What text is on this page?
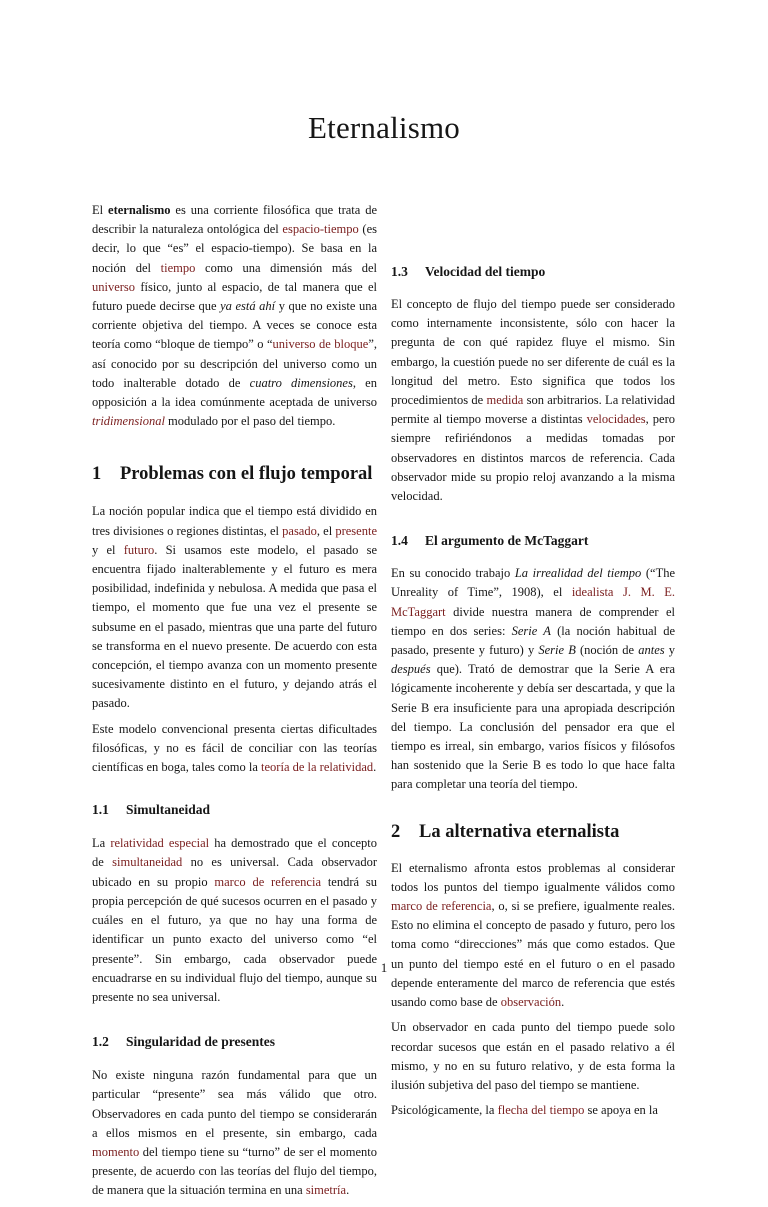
Eternalismo

El eternalismo es una corriente filosófica que trata de describir la naturaleza ontológica del espacio-tiempo (es decir, lo que “es” el espacio-tiempo). Se basa en la noción del tiempo como una dimensión más del universo físico, junto al espacio, de tal manera que el futuro puede decirse que ya está ahí y que no existe una corriente objetiva del tiempo. A veces se conoce esta teoría como “bloque de tiempo” o “universo de bloque”, así conocido por su descripción del universo como un todo inalterable dotado de cuatro dimensiones, en opposición a la idea comúnmente aceptada de universo tridimensional modulado por el paso del tiempo.

1 Problemas con el flujo temporal

La noción popular indica que el tiempo está dividido en tres divisiones o regiones distintas, el pasado, el presente y el futuro. Si usamos este modelo, el pasado se encuentra fijado inalterablemente y el futuro es mera posibilidad, indefinida y nebulosa. A medida que pasa el tiempo, el momento que fue una vez el presente se subsume en el pasado, mientras que una parte del futuro se transforma en el nuevo presente. De acuerdo con esta concepción, el tiempo avanza con un momento presente sucesivamente distinto en el futuro, y dejando atrás el pasado.

Este modelo convencional presenta ciertas dificultades filosóficas, y no es fácil de conciliar con las teorías científicas en boga, tales como la teoría de la relatividad.

1.1 Simultaneidad

La relatividad especial ha demostrado que el concepto de simultaneidad no es universal. Cada observador ubicado en su propio marco de referencia tendrá su propia percepción de qué sucesos ocurren en el pasado y cuáles en el futuro, ya que no hay una forma de identificar un punto exacto del universo como “el presente”. Sin embargo, cada observador puede encuadrarse en su individual flujo del tiempo, aunque su presente no sea universal.

1.2 Singularidad de presentes

No existe ninguna razón fundamental para que un particular “presente” sea más válido que otro. Observadores en cada punto del tiempo se considerarán a ellos mismos en el presente, sin embargo, cada momento del tiempo tiene su “turno” de ser el momento presente, de acuerdo con las teorías del flujo del tiempo, de manera que la situación termina en una simetría.

1.3 Velocidad del tiempo

El concepto de flujo del tiempo puede ser considerado como internamente inconsistente, sólo con hacer la pregunta de con qué rapidez fluye el mismo. Sin embargo, la cuestión puede no ser diferente de cuál es la longitud del metro. Esto significa que todos los procedimientos de medida son arbitrarios. La relatividad permite al tiempo moverse a distintas velocidades, pero siempre refiriéndonos a medidas tomadas por observadores en distintos marcos de referencia. Cada observador mide su propio reloj avanzando a la misma velocidad.

1.4 El argumento de McTaggart

En su conocido trabajo La irrealidad del tiempo (“The Unreality of Time”, 1908), el idealista J. M. E. McTaggart divide nuestra manera de comprender el tiempo en dos series: Serie A (la noción habitual de pasado, presente y futuro) y Serie B (noción de antes y después que). Trató de demostrar que la Serie A era lógicamente incoherente y debía ser descartada, y que la Serie B era insuficiente para una apropiada descripción del tiempo. La conclusión del pensador era que el tiempo es irreal, sin embargo, varios físicos y filósofos han sostenido que la Serie B es todo lo que hace falta para completar una teoría del tiempo.

2 La alternativa eternalista

El eternalismo afronta estos problemas al considerar todos los puntos del tiempo igualmente válidos como marco de referencia, o, si se prefiere, igualmente reales. Esto no elimina el concepto de pasado y futuro, pero los toma como “direcciones” más que como estados. Que un punto del tiempo esté en el futuro o en el pasado depende enteramente del marco de referencia que estés usando como base de observación.

Un observador en cada punto del tiempo puede solo recordar sucesos que están en el pasado relativo a él mismo, y no en su futuro relativo, y de esta forma la ilusión subjetiva del paso del tiempo se mantiene.

Psicológicamente, la flecha del tiempo se apoya en la

1
